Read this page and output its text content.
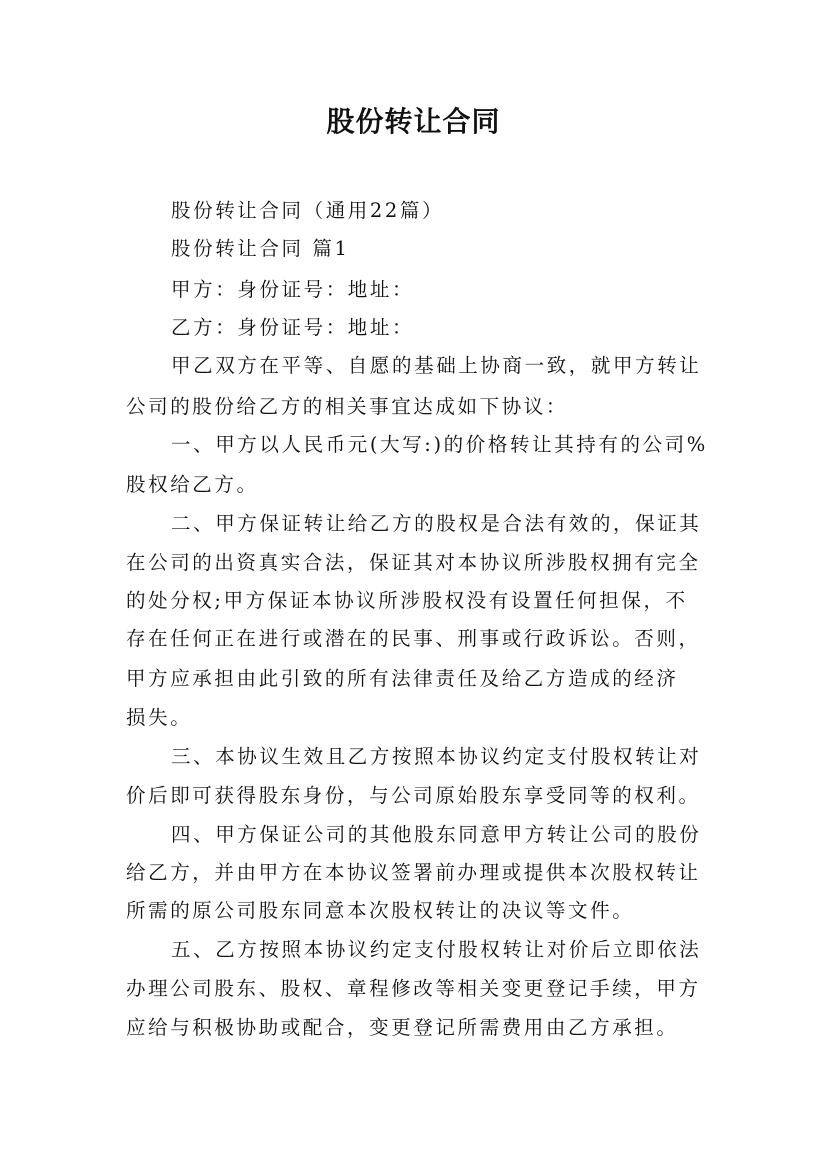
股份转让合同
股份转让合同（通用22篇）
股份转让合同 篇1
甲方：身份证号：地址：
乙方：身份证号：地址：
甲乙双方在平等、自愿的基础上协商一致，就甲方转让
公司的股份给乙方的相关事宜达成如下协议：
一、甲方以人民币元(大写:)的价格转让其持有的公司%
股权给乙方。
二、甲方保证转让给乙方的股权是合法有效的，保证其
在公司的出资真实合法，保证其对本协议所涉股权拥有完全
的处分权;甲方保证本协议所涉股权没有设置任何担保，不
存在任何正在进行或潜在的民事、刑事或行政诉讼。否则，
甲方应承担由此引致的所有法律责任及给乙方造成的经济
损失。
三、本协议生效且乙方按照本协议约定支付股权转让对
价后即可获得股东身份，与公司原始股东享受同等的权利。
四、甲方保证公司的其他股东同意甲方转让公司的股份
给乙方，并由甲方在本协议签署前办理或提供本次股权转让
所需的原公司股东同意本次股权转让的决议等文件。
五、乙方按照本协议约定支付股权转让对价后立即依法
办理公司股东、股权、章程修改等相关变更登记手续，甲方
应给与积极协助或配合，变更登记所需费用由乙方承担。
